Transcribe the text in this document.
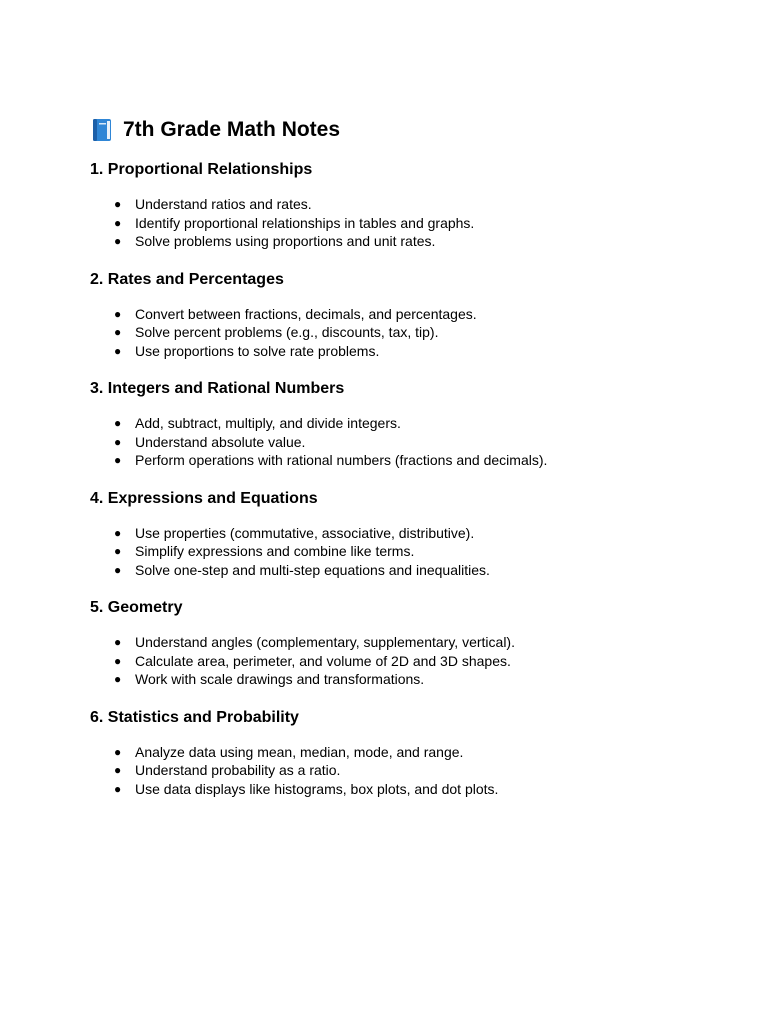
7th Grade Math Notes
1. Proportional Relationships
● Understand ratios and rates.
● Identify proportional relationships in tables and graphs.
● Solve problems using proportions and unit rates.
2. Rates and Percentages
● Convert between fractions, decimals, and percentages.
● Solve percent problems (e.g., discounts, tax, tip).
● Use proportions to solve rate problems.
3. Integers and Rational Numbers
● Add, subtract, multiply, and divide integers.
● Understand absolute value.
● Perform operations with rational numbers (fractions and decimals).
4. Expressions and Equations
● Use properties (commutative, associative, distributive).
● Simplify expressions and combine like terms.
● Solve one-step and multi-step equations and inequalities.
5. Geometry
● Understand angles (complementary, supplementary, vertical).
● Calculate area, perimeter, and volume of 2D and 3D shapes.
● Work with scale drawings and transformations.
6. Statistics and Probability
● Analyze data using mean, median, mode, and range.
● Understand probability as a ratio.
● Use data displays like histograms, box plots, and dot plots.
